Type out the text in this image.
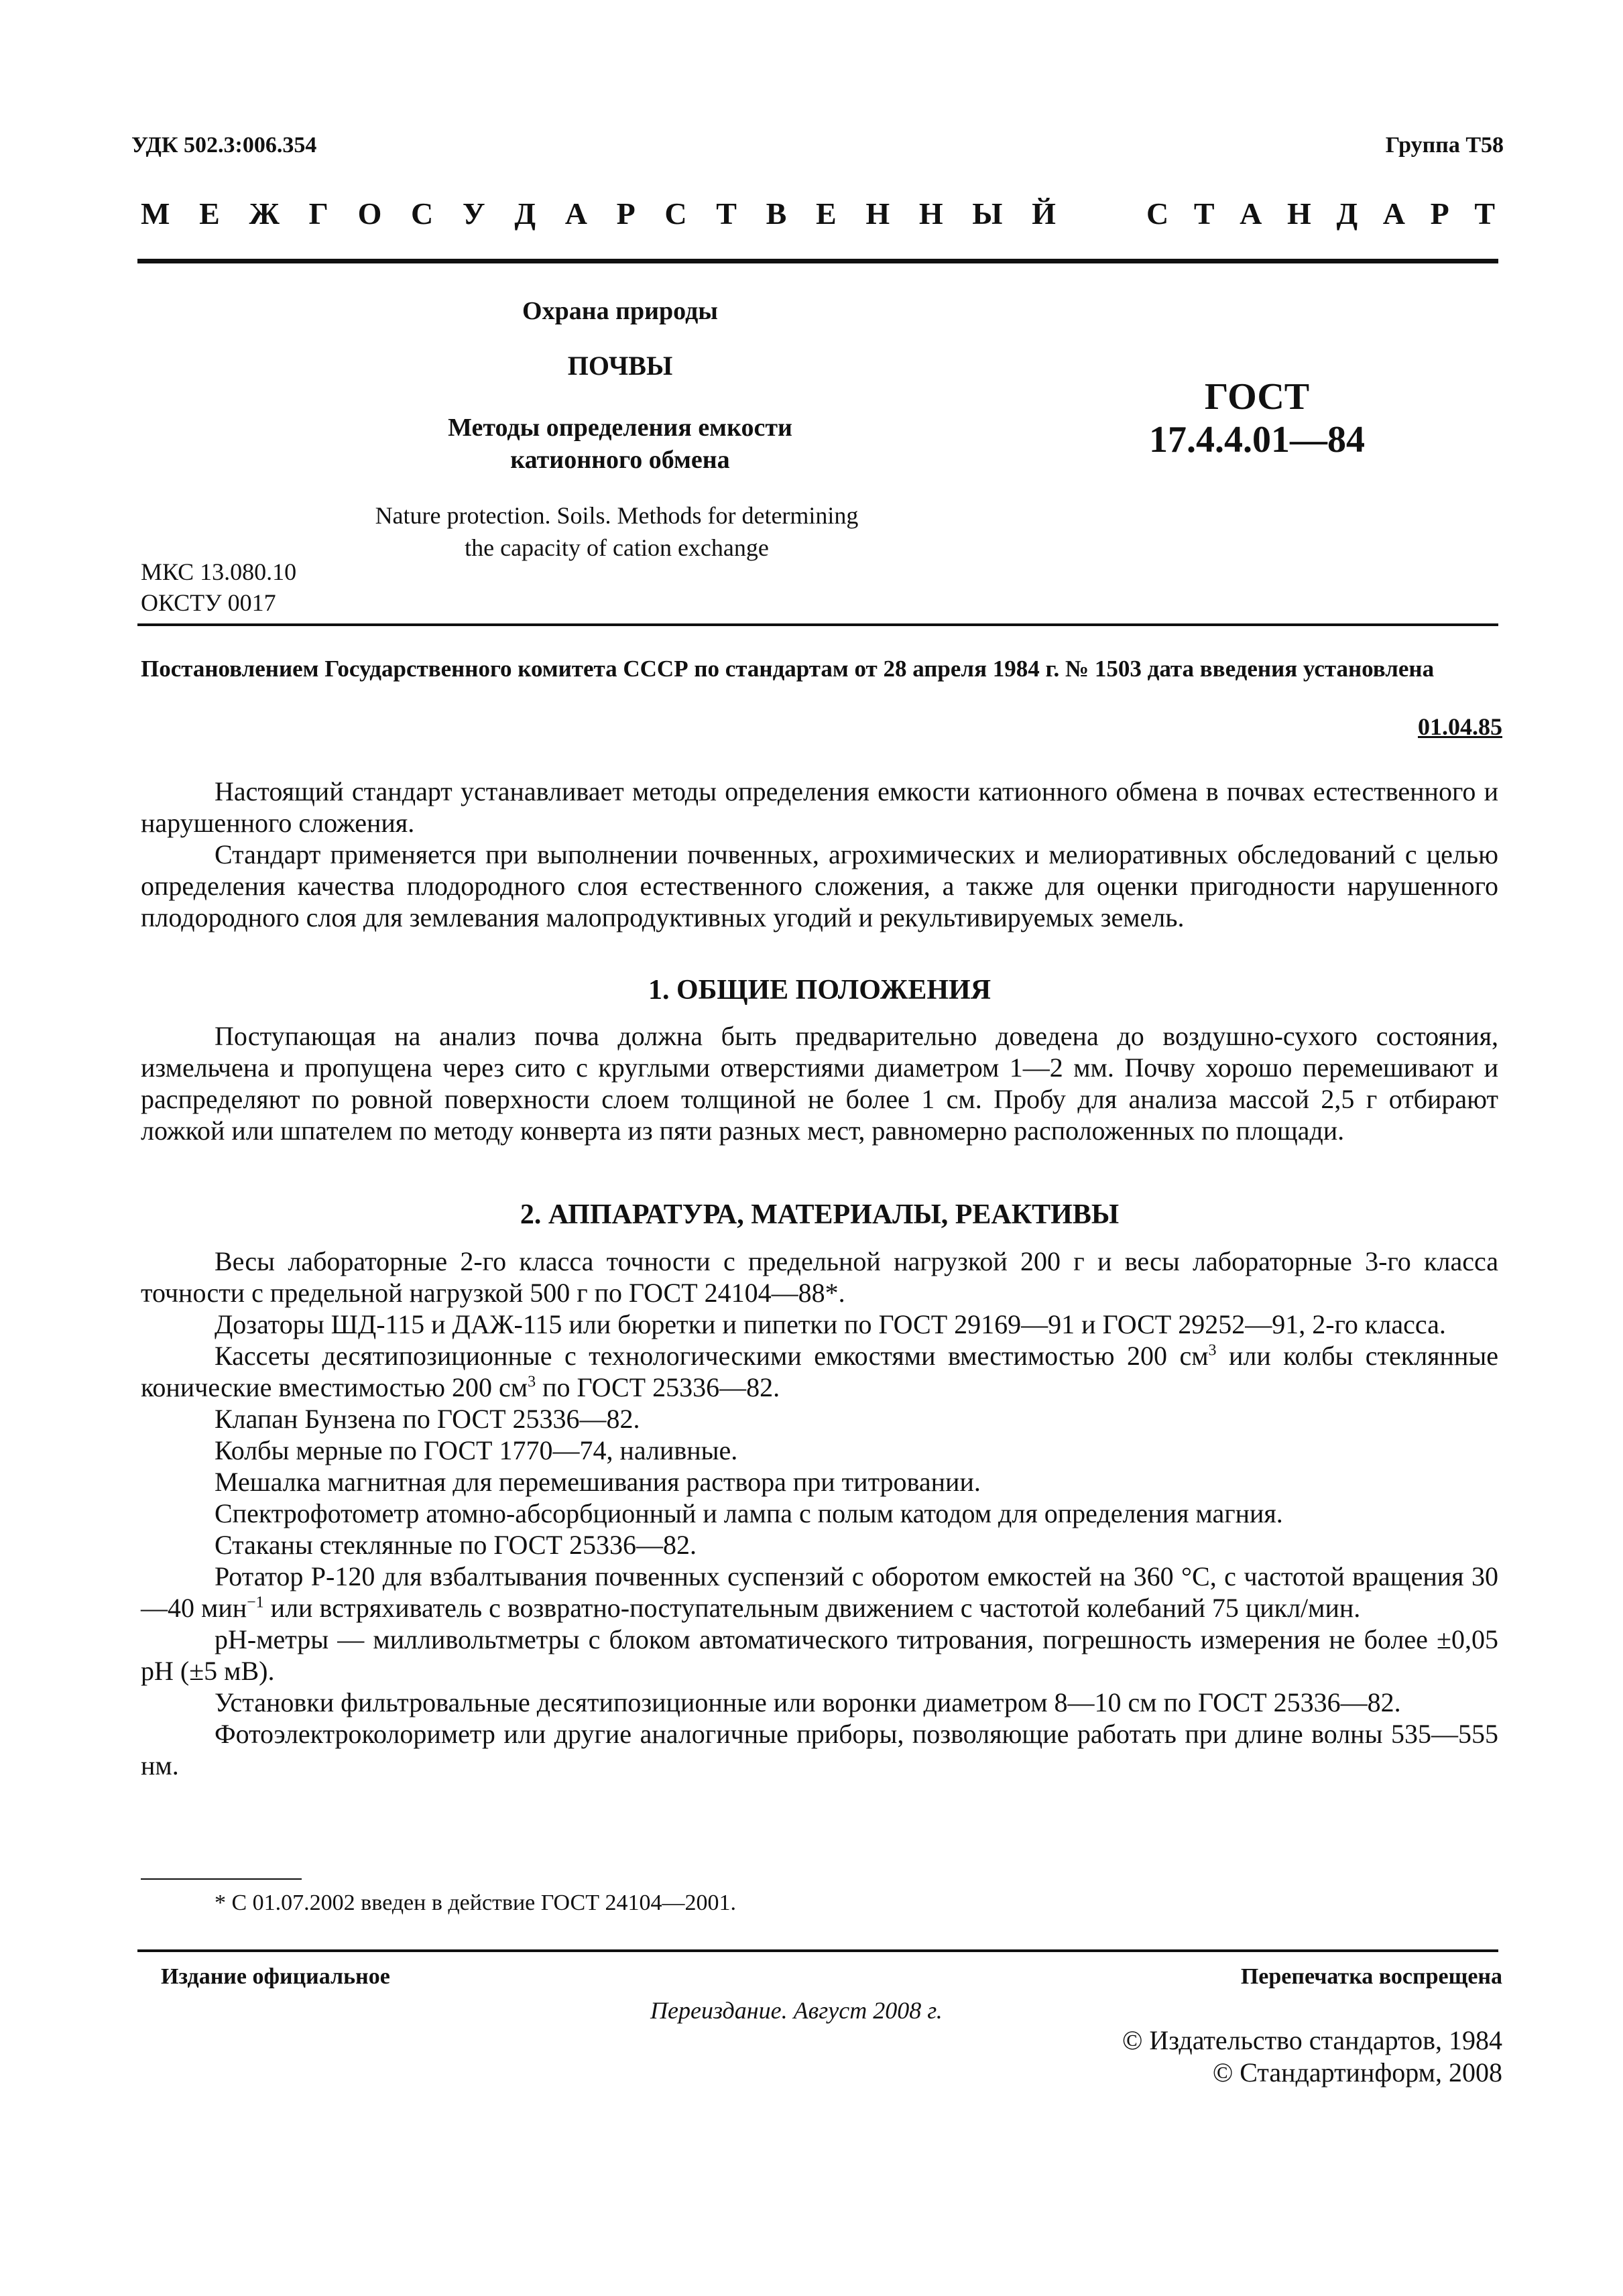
УДК 502.3:006.354	Группа Т58
М Е Ж Г О С У Д А Р С Т В Е Н Н Ы Й	С Т А Н Д А Р Т
Охрана природы
ПОЧВЫ
Методы определения емкости
катионного обмена
ГОСТ
17.4.4.01—84
Nature protection. Soils. Methods for determining
the capacity of cation exchange
МКС 13.080.10
ОКСТУ 0017
Постановлением Государственного комитета СССР по стандартам от 28 апреля 1984 г. № 1503 дата введения установлена
01.04.85

Настоящий стандарт устанавливает методы определения емкости катионного обмена в почвах естественного и нарушенного сложения.

Стандарт применяется при выполнении почвенных, агрохимических и мелиоративных обследований с целью определения качества плодородного слоя естественного сложения, а также для оценки пригодности нарушенного плодородного слоя для землевания малопродуктивных угодий и рекультивируемых земель.

1. ОБЩИЕ ПОЛОЖЕНИЯ

Поступающая на анализ почва должна быть предварительно доведена до воздушно-сухого состояния, измельчена и пропущена через сито с круглыми отверстиями диаметром 1—2 мм. Почву хорошо перемешивают и распределяют по ровной поверхности слоем толщиной не более 1 см. Пробу для анализа массой 2,5 г отбирают ложкой или шпателем по методу конверта из пяти разных мест, равномерно расположенных по площади.

2. АППАРАТУРА, МАТЕРИАЛЫ, РЕАКТИВЫ

Весы лабораторные 2-го класса точности с предельной нагрузкой 200 г и весы лабораторные 3-го класса точности с предельной нагрузкой 500 г по ГОСТ 24104—88*.

Дозаторы ШД-115 и ДАЖ-115 или бюретки и пипетки по ГОСТ 29169—91 и ГОСТ 29252—91, 2-го класса.

Кассеты десятипозиционные с технологическими емкостями вместимостью 200 $см^3$ или колбы стеклянные конические вместимостью 200 $см^3$ по ГОСТ 25336—82.

Клапан Бунзена по ГОСТ 25336—82.

Колбы мерные по ГОСТ 1770—74, наливные.

Мешалка магнитная для перемешивания раствора при титровании.

Спектрофотометр атомно-абсорбционный и лампа с полым катодом для определения магния.

Стаканы стеклянные по ГОСТ 25336—82.

Ротатор Р-120 для взбалтывания почвенных суспензий с оборотом емкостей на 360 °С, с частотой вращения 30—40 мин$^{-1}$ или встряхиватель с возвратно-поступательным движением с частотой колебаний 75 цикл/мин.

рН-метры — милливольтметры с блоком автоматического титрования, погрешность измерения не более ±0,05 pH (±5 мВ).

Установки фильтровальные десятипозиционные или воронки диаметром 8—10 см по ГОСТ 25336—82.

Фотоэлектроколориметр или другие аналогичные приборы, позволяющие работать при длине волны 535—555 нм.

* С 01.07.2002 введен в действие ГОСТ 24104—2001.
Издание официальное	Перепечатка воспрещена
Переиздание. Август 2008 г.
© Издательство стандартов, 1984
© Стандартинформ, 2008
